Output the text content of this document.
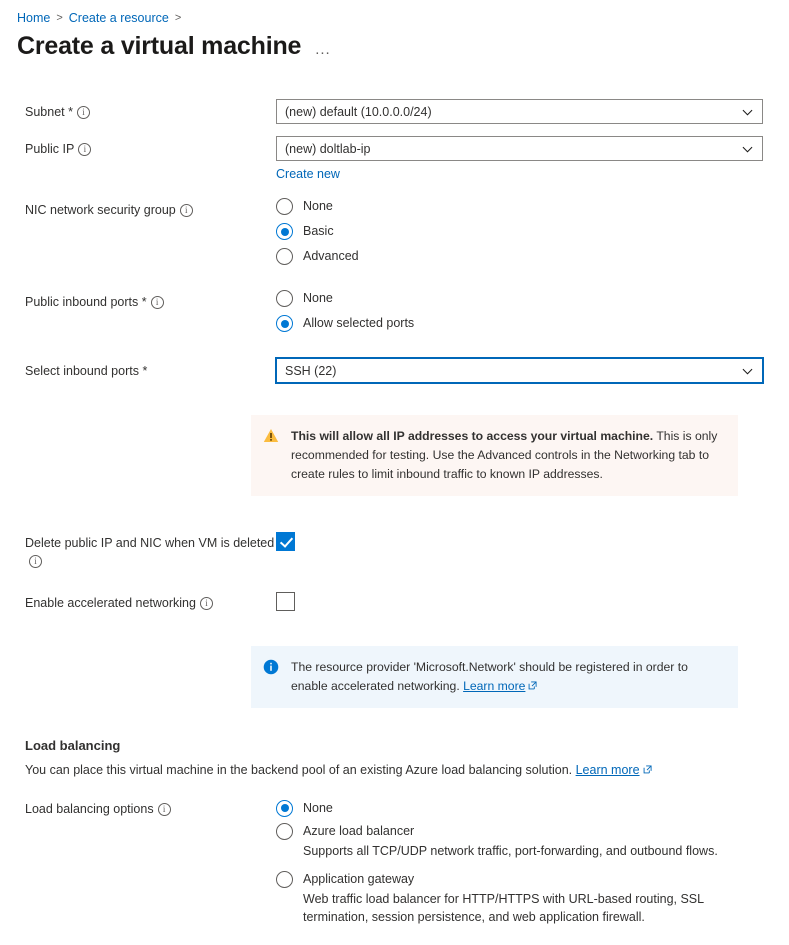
Home > Create a resource >
Create a virtual machine ...
Subnet * i	(new) default (10.0.0.0/24)
Public IP i	(new) doltlab-ip
Create new
NIC network security group i	None
Basic
Advanced
Public inbound ports * i	None
Allow selected ports
Select inbound ports *	SSH (22)
This will allow all IP addresses to access your virtual machine. This is only recommended for testing. Use the Advanced controls in the Networking tab to create rules to limit inbound traffic to known IP addresses.
Delete public IP and NIC when VM is deletedi
Enable accelerated networking i
The resource provider 'Microsoft.Network' should be registered in order to enable accelerated networking. Learn more
Load balancing

You can place this virtual machine in the backend pool of an existing Azure load balancing solution. Learn more

Load balancing options i	None
Azure load balancer
Supports all TCP/UDP network traffic, port-forwarding, and outbound flows.
Application gateway
Web traffic load balancer for HTTP/HTTPS with URL-based routing, SSL termination, session persistence, and web application firewall.
